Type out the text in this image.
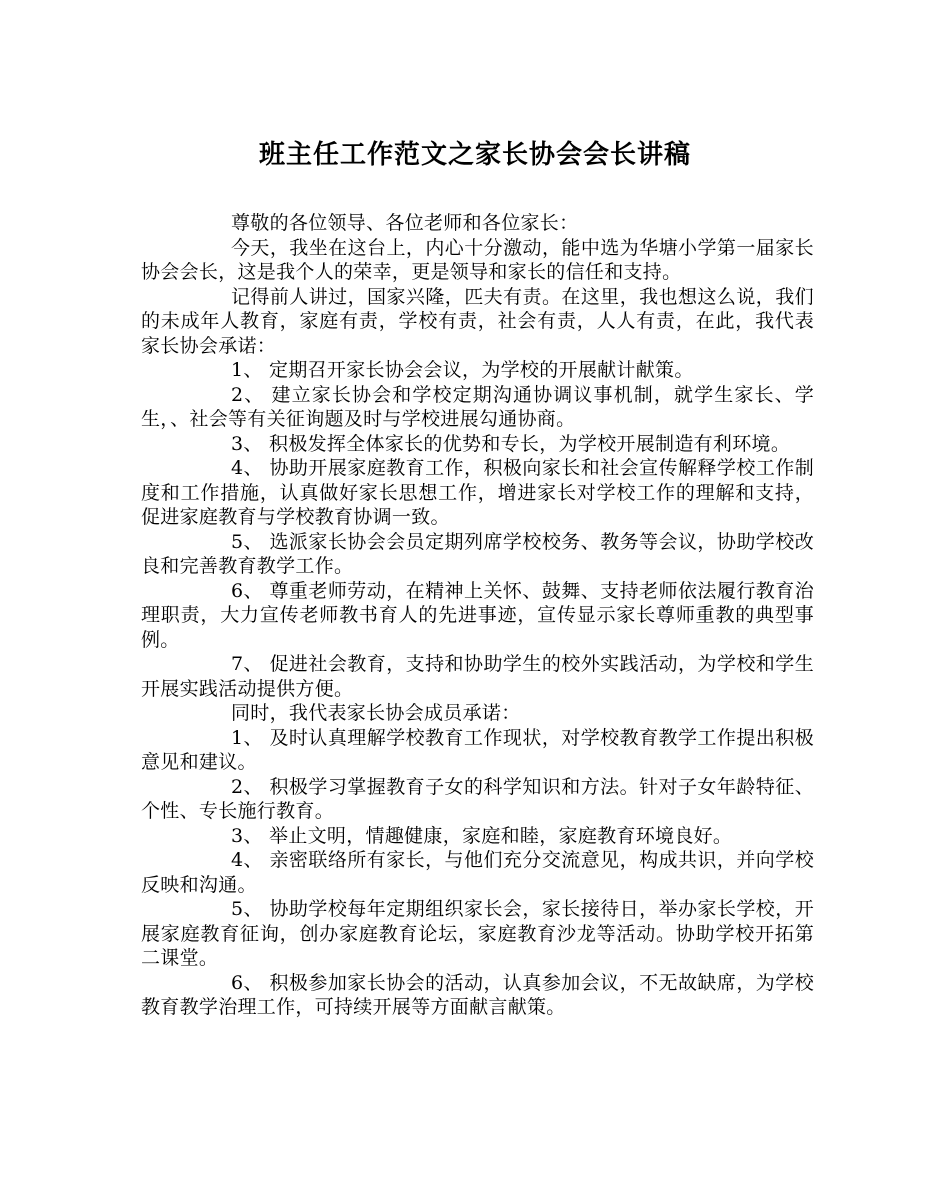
班主任工作范文之家长协会会长讲稿

尊敬的各位领导、各位老师和各位家长：

今天，我坐在这台上，内心十分激动，能中选为华塘小学第一届家长协会会长，这是我个人的荣幸，更是领导和家长的信任和支持。

记得前人讲过，国家兴隆，匹夫有责。在这里，我也想这么说，我们的未成年人教育，家庭有责，学校有责，社会有责，人人有责，在此，我代表家长协会承诺：

1、 定期召开家长协会会议，为学校的开展献计献策。

2、 建立家长协会和学校定期沟通协调议事机制，就学生家长、学生，、社会等有关征询题及时与学校进展勾通协商。

3、 积极发挥全体家长的优势和专长，为学校开展制造有利环境。

4、 协助开展家庭教育工作，积极向家长和社会宣传解释学校工作制度和工作措施，认真做好家长思想工作，增进家长对学校工作的理解和支持，促进家庭教育与学校教育协调一致。

5、 选派家长协会会员定期列席学校校务、教务等会议，协助学校改良和完善教育教学工作。

6、 尊重老师劳动，在精神上关怀、鼓舞、支持老师依法履行教育治理职责，大力宣传老师教书育人的先进事迹，宣传显示家长尊师重教的典型事例。

7、 促进社会教育，支持和协助学生的校外实践活动，为学校和学生开展实践活动提供方便。

同时，我代表家长协会成员承诺：

1、 及时认真理解学校教育工作现状，对学校教育教学工作提出积极意见和建议。

2、 积极学习掌握教育子女的科学知识和方法。针对子女年龄特征、个性、专长施行教育。

3、 举止文明，情趣健康，家庭和睦，家庭教育环境良好。

4、 亲密联络所有家长，与他们充分交流意见，构成共识，并向学校反映和沟通。

5、 协助学校每年定期组织家长会，家长接待日，举办家长学校，开展家庭教育征询，创办家庭教育论坛，家庭教育沙龙等活动。协助学校开拓第二课堂。

6、 积极参加家长协会的活动，认真参加会议，不无故缺席，为学校教育教学治理工作，可持续开展等方面献言献策。
